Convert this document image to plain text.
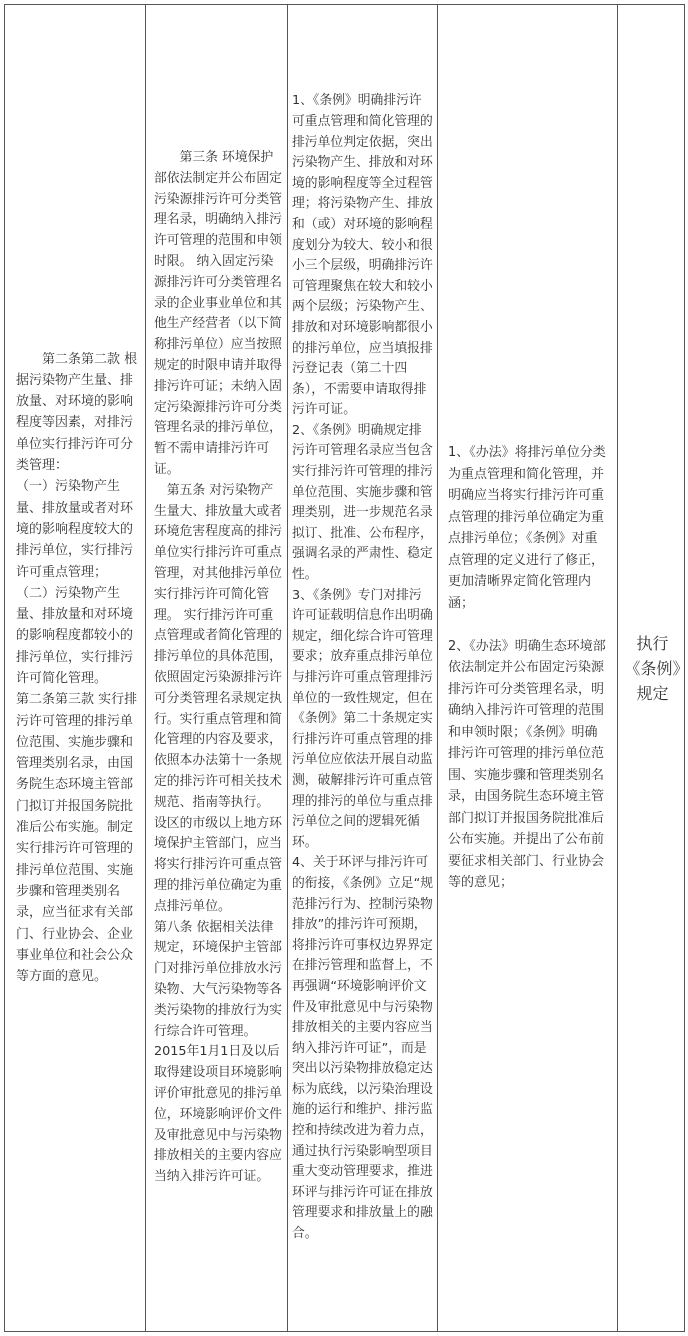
　　第二条第二款 根据污染物产生量、排放量、对环境的影响程度等因素，对排污单位实行排污许可分类管理：
（一）污染物产生量、排放量或者对环境的影响程度较大的排污单位，实行排污许可重点管理；
（二）污染物产生量、排放量和对环境的影响程度都较小的排污单位，实行排污许可简化管理。
第二条第三款 实行排污许可管理的排污单位范围、实施步骤和管理类别名录，由国务院生态环境主管部门拟订并报国务院批准后公布实施。制定实行排污许可管理的排污单位范围、实施步骤和管理类别名录，应当征求有关部门、行业协会、企业事业单位和社会公众等方面的意见。

　　第三条 环境保护部依法制定并公布固定污染源排污许可分类管理名录，明确纳入排污许可管理的范围和申领时限。 纳入固定污染源排污许可分类管理名录的企业事业单位和其他生产经营者（以下简称排污单位）应当按照规定的时限申请并取得排污许可证；未纳入固定污染源排污许可分类管理名录的排污单位，暂不需申请排污许可证。
　第五条 对污染物产生量大、排放量大或者环境危害程度高的排污单位实行排污许可重点管理，对其他排污单位实行排污许可简化管理。 实行排污许可重点管理或者简化管理的排污单位的具体范围，依照固定污染源排污许可分类管理名录规定执行。实行重点管理和简化管理的内容及要求，依照本办法第十一条规定的排污许可相关技术规范、指南等执行。 设区的市级以上地方环境保护主管部门，应当将实行排污许可重点管理的排污单位确定为重点排污单位。
第八条 依据相关法律规定，环境保护主管部门对排污单位排放水污染物、大气污染物等各类污染物的排放行为实行综合许可管理。
2015年1月1日及以后取得建设项目环境影响评价审批意见的排污单位，环境影响评价文件及审批意见中与污染物排放相关的主要内容应当纳入排污许可证。

1、《条例》明确排污许可重点管理和简化管理的排污单位判定依据，突出污染物产生、排放和对环境的影响程度等全过程管理；将污染物产生、排放和（或）对环境的影响程度划分为较大、较小和很小三个层级，明确排污许可管理聚焦在较大和较小两个层级；污染物产生、排放和对环境影响都很小的排污单位，应当填报排污登记表（第二十四条），不需要申请取得排污许可证。
2、《条例》明确规定排污许可管理名录应当包含实行排污许可管理的排污单位范围、实施步骤和管理类别，进一步规范名录拟订、批准、公布程序，强调名录的严肃性、稳定性。
3、《条例》专门对排污许可证载明信息作出明确规定，细化综合许可管理要求；放弃重点排污单位与排污许可重点管理排污单位的一致性规定，但在《条例》第二十条规定实行排污许可重点管理的排污单位应依法开展自动监测，破解排污许可重点管理的排污的单位与重点排污单位之间的逻辑死循环。
4、关于环评与排污许可的衔接，《条例》立足“规范排污行为、控制污染物排放”的排污许可预期，将排污许可事权边界界定在排污管理和监督上，不再强调“环境影响评价文件及审批意见中与污染物排放相关的主要内容应当纳入排污许可证”，而是突出以污染物排放稳定达标为底线，以污染治理设施的运行和维护、排污监控和持续改进为着力点，通过执行污染影响型项目重大变动管理要求，推进环评与排污许可证在排放管理要求和排放量上的融合。

1、《办法》将排污单位分类为重点管理和简化管理，并明确应当将实行排污许可重点管理的排污单位确定为重点排污单位；《条例》对重点管理的定义进行了修正，更加清晰界定简化管理内涵；

2、《办法》明确生态环境部依法制定并公布固定污染源排污许可分类管理名录，明确纳入排污许可管理的范围和申领时限；《条例》明确排污许可管理的排污单位范围、实施步骤和管理类别名录，由国务院生态环境主管部门拟订并报国务院批准后公布实施。并提出了公布前要征求相关部门、行业协会等的意见；

执行《条例》规定
